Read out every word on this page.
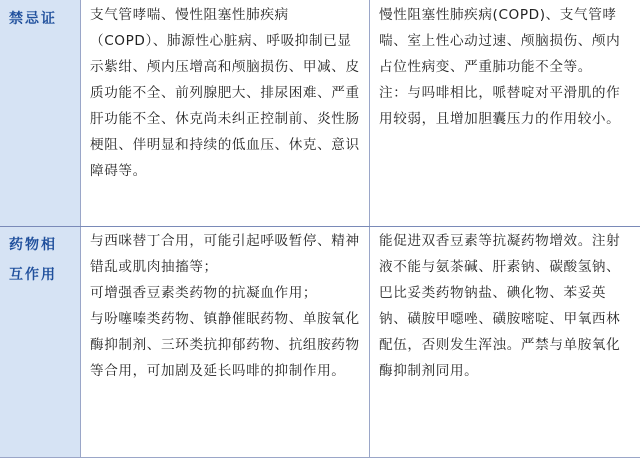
禁忌证	支气管哮喘、慢性阻塞性肺疾病（COPD）、肺源性心脏病、呼吸抑制已显示紫绀、颅内压增高和颅脑损伤、甲减、皮质功能不全、前列腺肥大、排尿困难、严重肝功能不全、休克尚未纠正控制前、炎性肠梗阻、伴明显和持续的低血压、休克、意识障碍等。

慢性阻塞性肺疾病(COPD)、支气管哮喘、室上性心动过速、颅脑损伤、颅内占位性病变、严重肺功能不全等。

注：与吗啡相比，哌替啶对平滑肌的作用较弱，且增加胆囊压力的作用较小。

药物相互作用

与西咪替丁合用，可能引起呼吸暂停、精神错乱或肌肉抽搐等；

可增强香豆素类药物的抗凝血作用；

与吩噻嗪类药物、镇静催眠药物、单胺氧化酶抑制剂、三环类抗抑郁药物、抗组胺药物等合用，可加剧及延长吗啡的抑制作用。

能促进双香豆素等抗凝药物增效。注射液不能与氨茶碱、肝素钠、碳酸氢钠、巴比妥类药物钠盐、碘化物、苯妥英钠、磺胺甲噁唑、磺胺嘧啶、甲氧西林配伍，否则发生浑浊。严禁与单胺氧化酶抑制剂同用。
